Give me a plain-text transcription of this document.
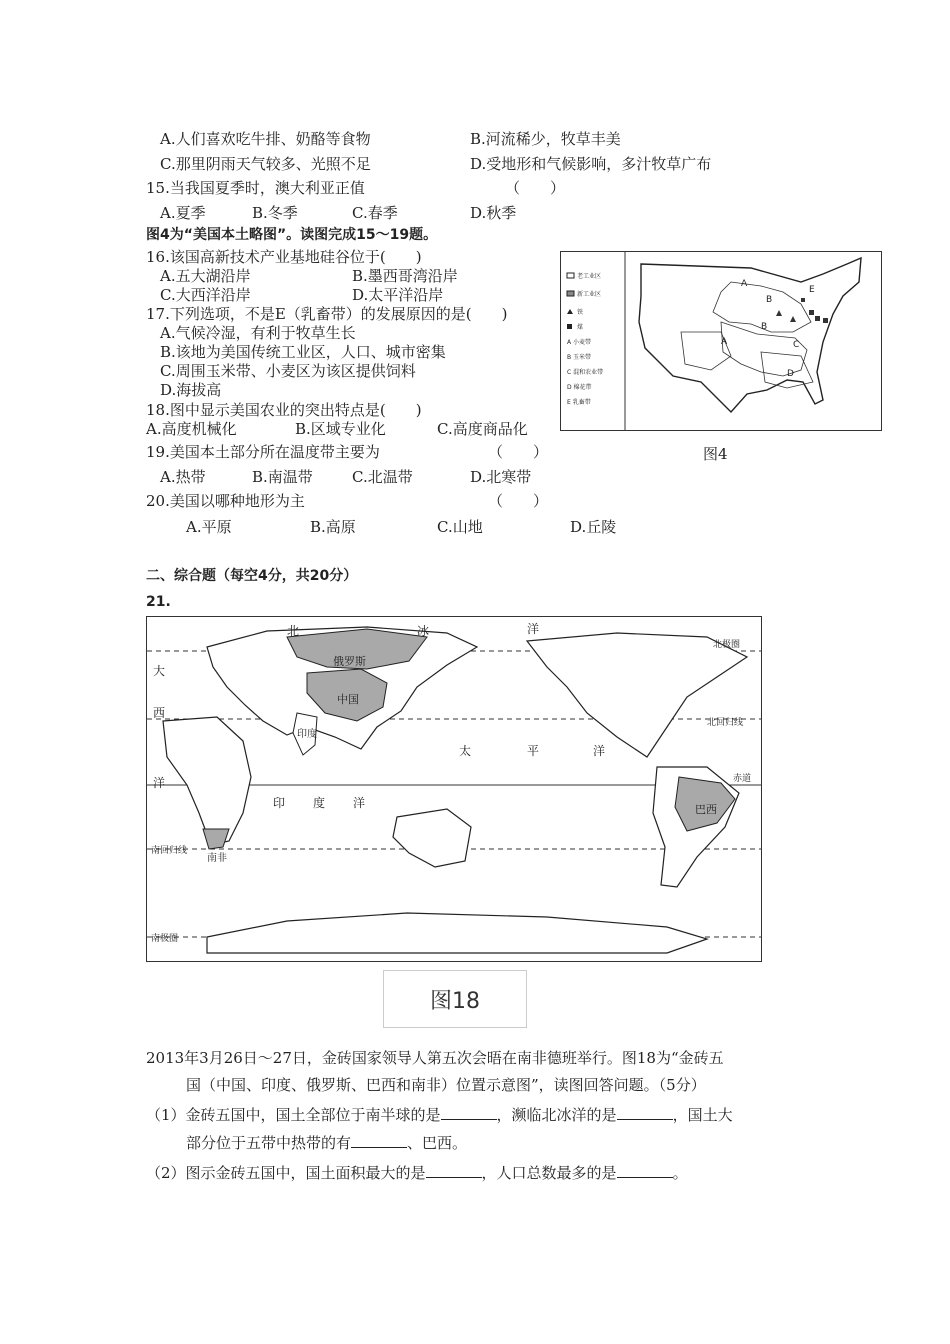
A.人们喜欢吃牛排、奶酪等食物	B.河流稀少，牧草丰美
C.那里阴雨天气较多、光照不足	D.受地形和气候影响，多汁牧草广布
15.当我国夏季时，澳大利亚正值	（　　）
A.夏季	B.冬季	C.春季	D.秋季
图4为“美国本土略图”。读图完成15～19题。
16.该国高新技术产业基地硅谷位于(　　)
A.五大湖沿岸	B.墨西哥湾沿岸
C.大西洋沿岸	D.太平洋沿岸
17.下列选项，不是E（乳畜带）的发展原因的是(　　)
A.气候冷湿，有利于牧草生长
B.该地为美国传统工业区，人口、城市密集
C.周围玉米带、小麦区为该区提供饲料
D.海拔高
18.图中显示美国农业的突出特点是(　　)
A.高度机械化	B.区域专业化	C.高度商品化
19.美国本土部分所在温度带主要为	（　　）
A.热带	B.南温带	C.北温带	D.北寒带
20.美国以哪种地形为主	（　　）
A.平原	B.高原	C.山地	D.丘陵
老工业区
新工业区
铁
煤
A 小麦带
B 玉米带
C 混和农业带
D 棉花带
E 乳畜带
A
B
B
A	C
D
E
图4
二、综合题（每空4分，共20分）
21.
北	冰	洋
大
西
洋
俄罗斯
中国
印度
巴西
南非
太	平	洋
印 度 洋
北极圈
北回归线
赤道
南回归线
南极圈
图18
2013年3月26日～27日，金砖国家领导人第五次会晤在南非德班举行。图18为“金砖五
国（中国、印度、俄罗斯、巴西和南非）位置示意图”，读图回答问题。（5分）
（1）金砖五国中，国土全部位于南半球的是	，濒临北冰洋的是	，国土大
部分位于五带中热带的有	、巴西。
（2）图示金砖五国中，国土面积最大的是	，人口总数最多的是	。
